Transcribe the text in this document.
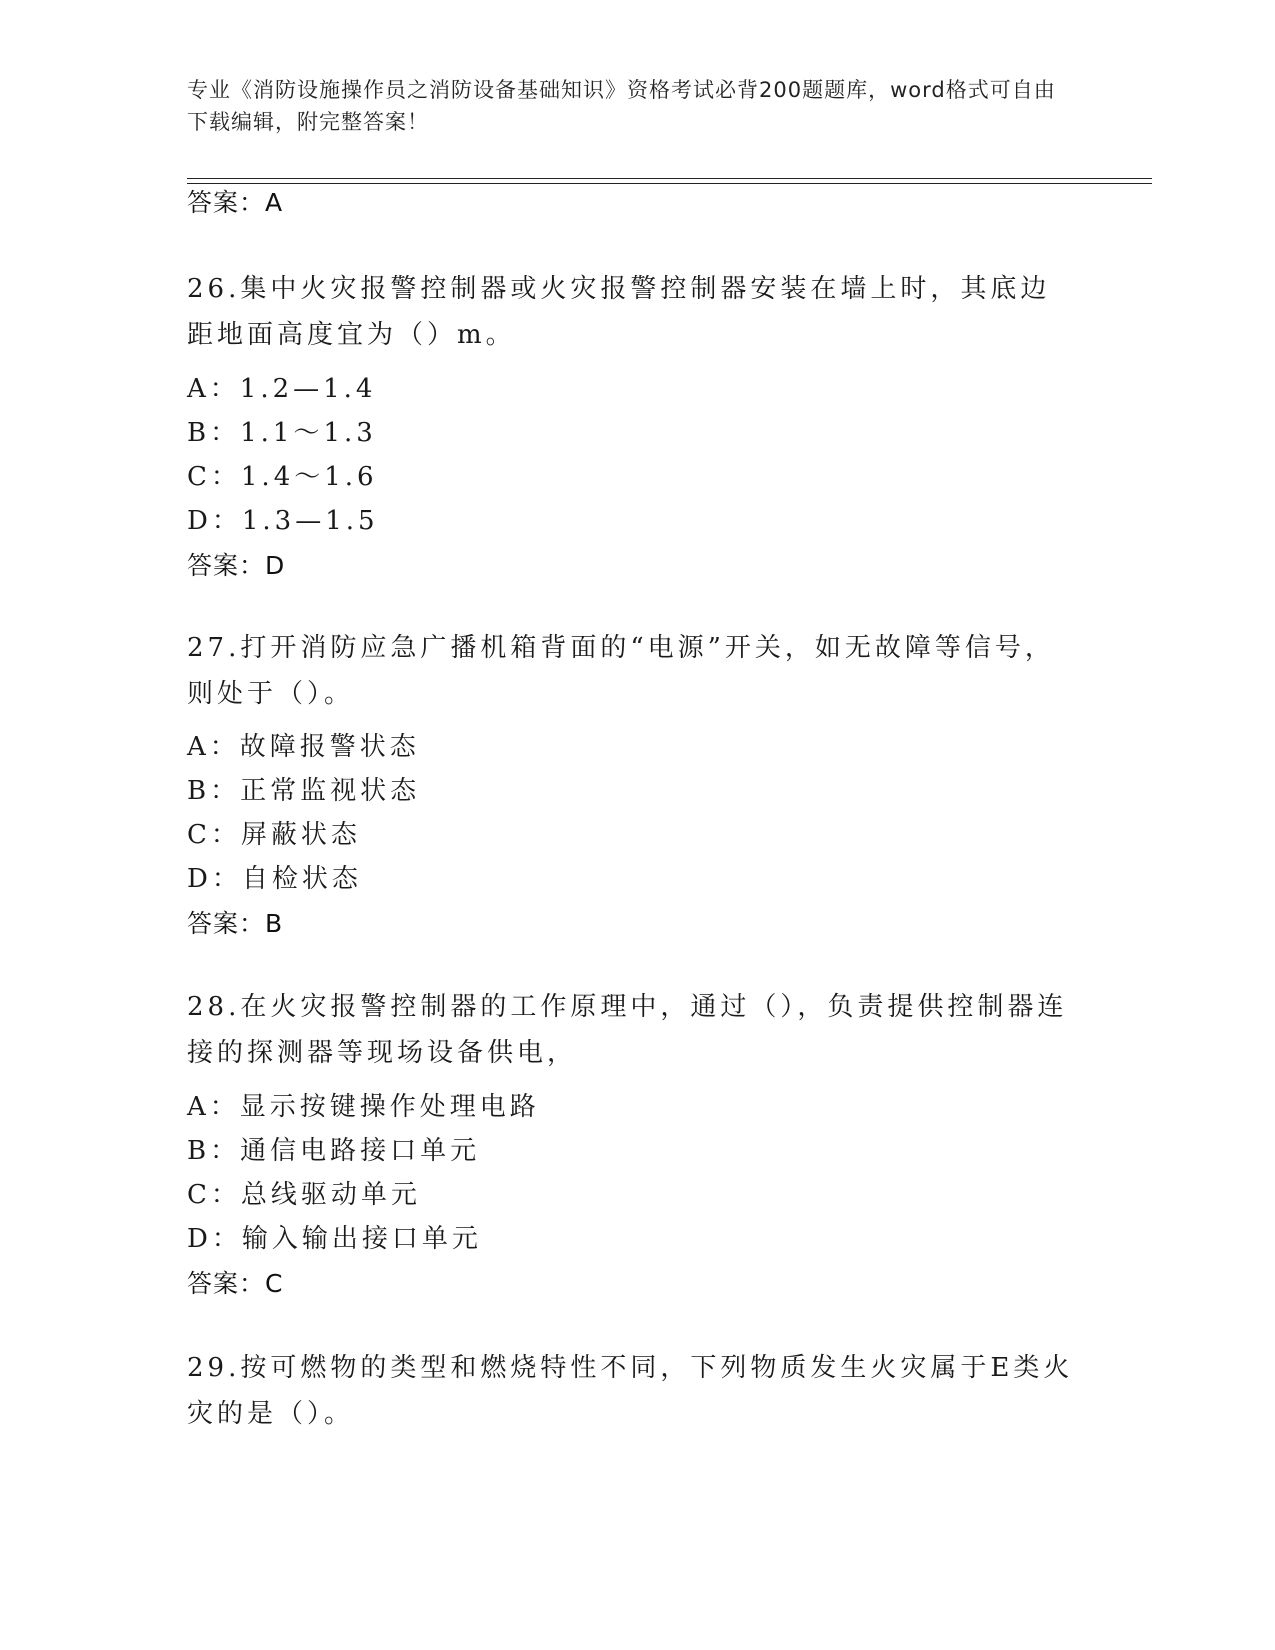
专业《消防设施操作员之消防设备基础知识》资格考试必背200题题库，word格式可自由下载编辑，附完整答案！
答案：A
26.集中火灾报警控制器或火灾报警控制器安装在墙上时，其底边距地面高度宜为（）m。
A：1.2—1.4
B：1.1～1.3
C：1.4～1.6
D：1.3—1.5
答案：D
27.打开消防应急广播机箱背面的“电源”开关，如无故障等信号，则处于（）。
A：故障报警状态
B：正常监视状态
C：屏蔽状态
D：自检状态
答案：B
28.在火灾报警控制器的工作原理中，通过（），负责提供控制器连接的探测器等现场设备供电，
A：显示按键操作处理电路
B：通信电路接口单元
C：总线驱动单元
D：输入输出接口单元
答案：C
29.按可燃物的类型和燃烧特性不同，下列物质发生火灾属于E类火灾的是（）。
